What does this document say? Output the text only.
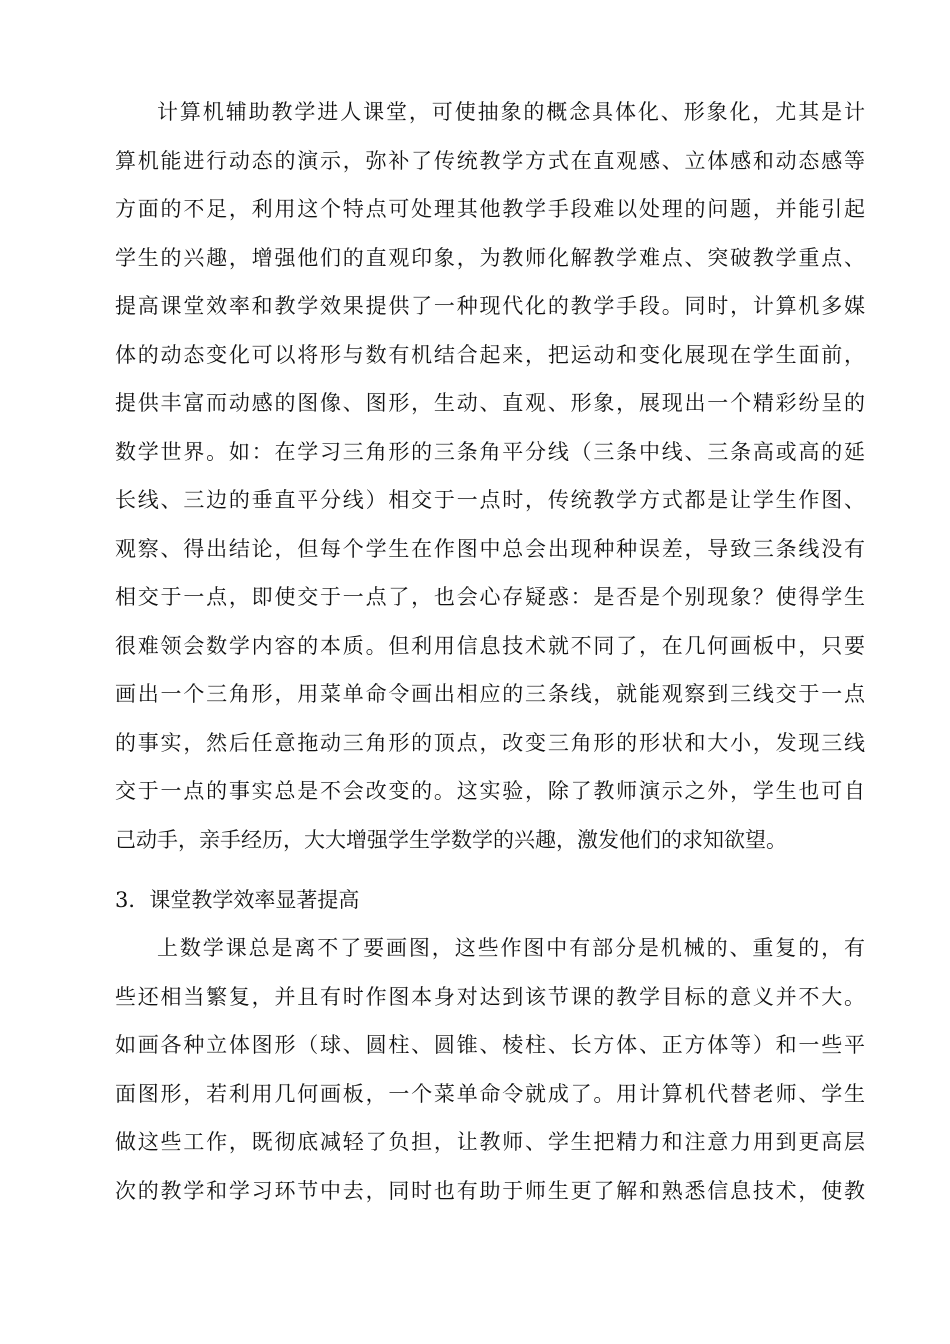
计算机辅助教学进人课堂，可使抽象的概念具体化、形象化，尤其是计
算机能进行动态的演示，弥补了传统教学方式在直观感、立体感和动态感等
方面的不足，利用这个特点可处理其他教学手段难以处理的问题，并能引起
学生的兴趣，增强他们的直观印象，为教师化解教学难点、突破教学重点、
提高课堂效率和教学效果提供了一种现代化的教学手段。同时，计算机多媒
体的动态变化可以将形与数有机结合起来，把运动和变化展现在学生面前，
提供丰富而动感的图像、图形，生动、直观、形象，展现出一个精彩纷呈的
数学世界。如：在学习三角形的三条角平分线（三条中线、三条高或高的延
长线、三边的垂直平分线）相交于一点时，传统教学方式都是让学生作图、
观察、得出结论，但每个学生在作图中总会出现种种误差，导致三条线没有
相交于一点，即使交于一点了，也会心存疑惑：是否是个别现象？使得学生
很难领会数学内容的本质。但利用信息技术就不同了，在几何画板中，只要
画出一个三角形，用菜单命令画出相应的三条线，就能观察到三线交于一点
的事实，然后任意拖动三角形的顶点，改变三角形的形状和大小，发现三线
交于一点的事实总是不会改变的。这实验，除了教师演示之外，学生也可自
己动手，亲手经历，大大增强学生学数学的兴趣，激发他们的求知欲望。
3．课堂教学效率显著提高
上数学课总是离不了要画图，这些作图中有部分是机械的、重复的，有
些还相当繁复，并且有时作图本身对达到该节课的教学目标的意义并不大。
如画各种立体图形（球、圆柱、圆锥、棱柱、长方体、正方体等）和一些平
面图形，若利用几何画板，一个菜单命令就成了。用计算机代替老师、学生
做这些工作，既彻底减轻了负担，让教师、学生把精力和注意力用到更高层
次的教学和学习环节中去，同时也有助于师生更了解和熟悉信息技术，使教
